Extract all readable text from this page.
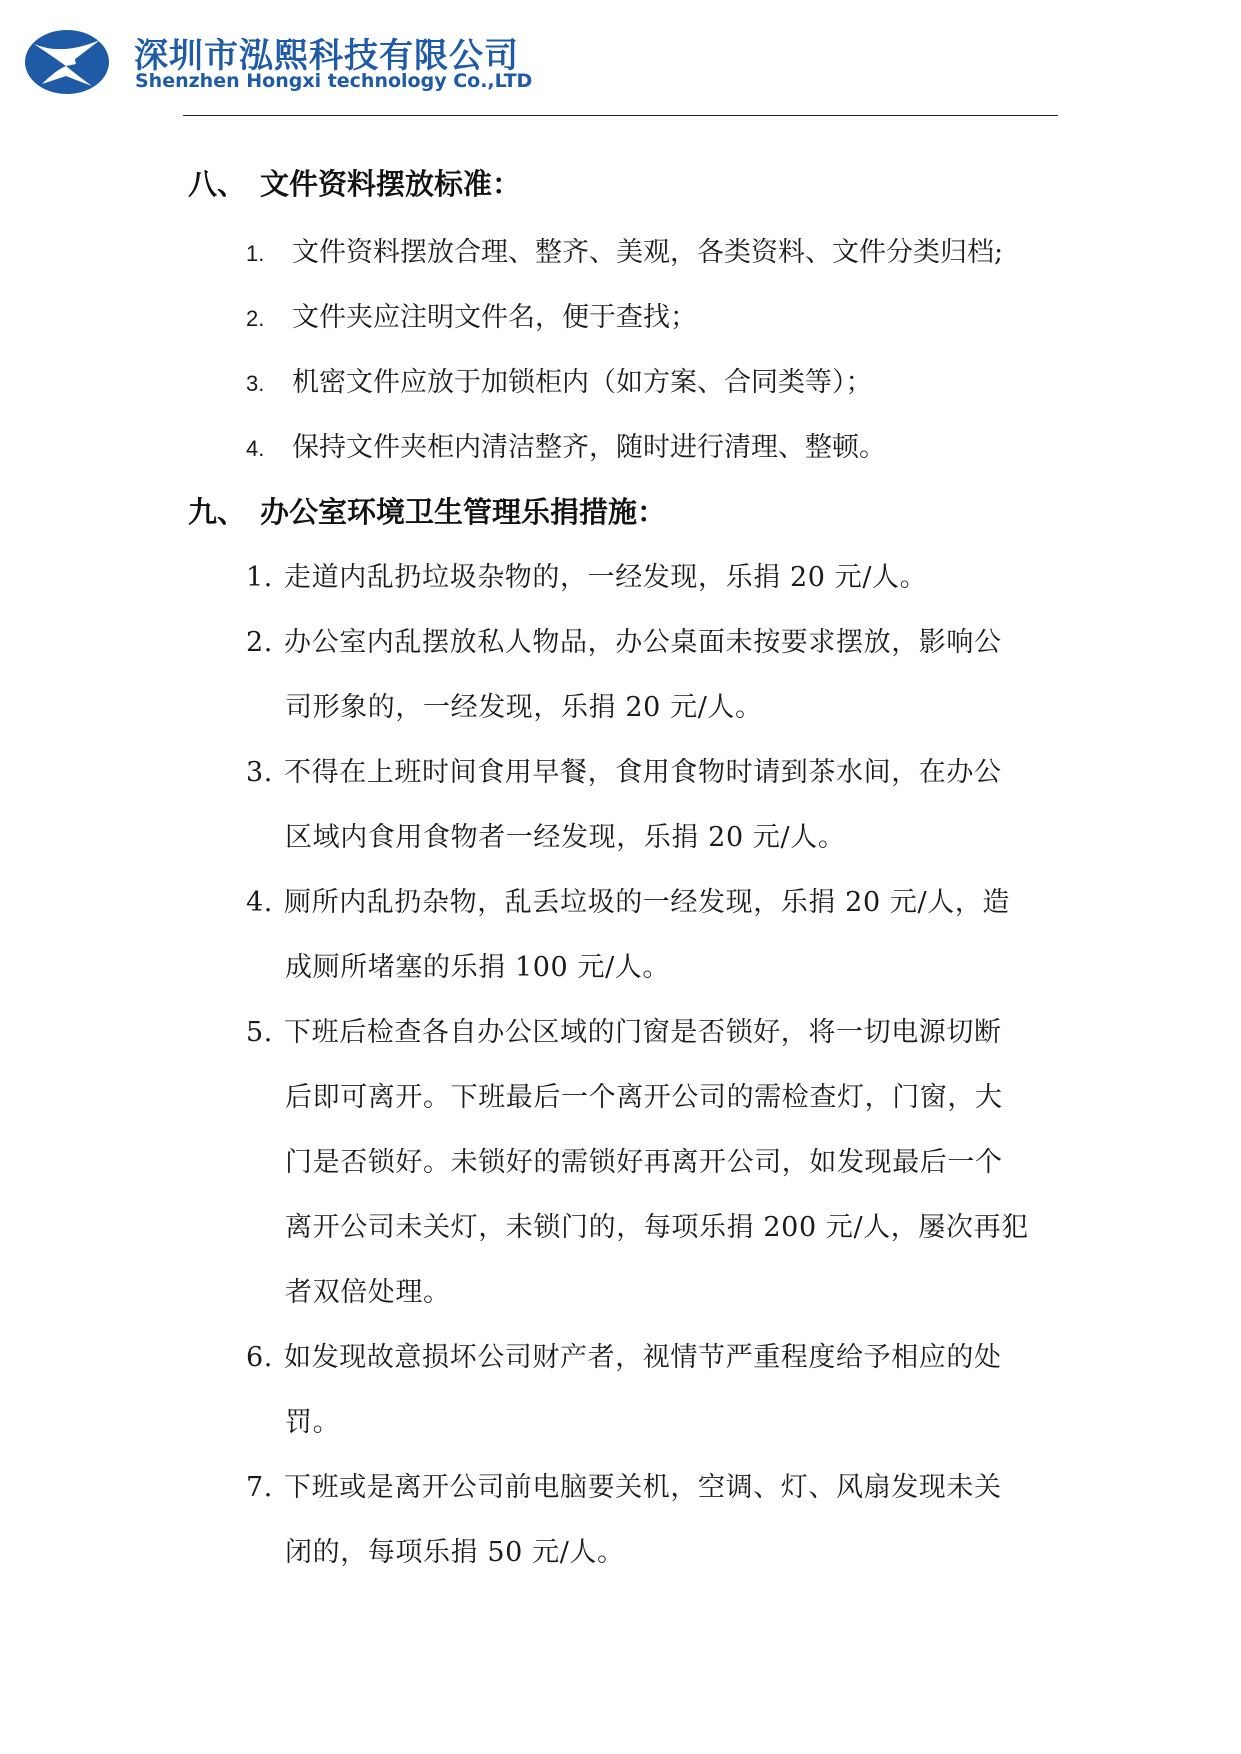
深圳市泓熙科技有限公司
Shenzhen Hongxi technology Co.,LTD
八、 文件资料摆放标准：
1. 文件资料摆放合理、整齐、美观，各类资料、文件分类归档;
2. 文件夹应注明文件名，便于查找；
3. 机密文件应放于加锁柜内（如方案、合同类等）；
4. 保持文件夹柜内清洁整齐，随时进行清理、整顿。
九、 办公室环境卫生管理乐捐措施：
1. 走道内乱扔垃圾杂物的，一经发现，乐捐 20 元/人。
2. 办公室内乱摆放私人物品，办公桌面未按要求摆放，影响公
司形象的，一经发现，乐捐 20 元/人。
3. 不得在上班时间食用早餐，食用食物时请到茶水间，在办公
区域内食用食物者一经发现，乐捐 20 元/人。
4. 厕所内乱扔杂物，乱丢垃圾的一经发现，乐捐 20 元/人，造
成厕所堵塞的乐捐 100 元/人。
5. 下班后检查各自办公区域的门窗是否锁好，将一切电源切断
后即可离开。下班最后一个离开公司的需检查灯，门窗，大
门是否锁好。未锁好的需锁好再离开公司，如发现最后一个
离开公司未关灯，未锁门的，每项乐捐 200 元/人，屡次再犯
者双倍处理。
6. 如发现故意损坏公司财产者，视情节严重程度给予相应的处
罚。
7. 下班或是离开公司前电脑要关机，空调、灯、风扇发现未关
闭的，每项乐捐 50 元/人。
